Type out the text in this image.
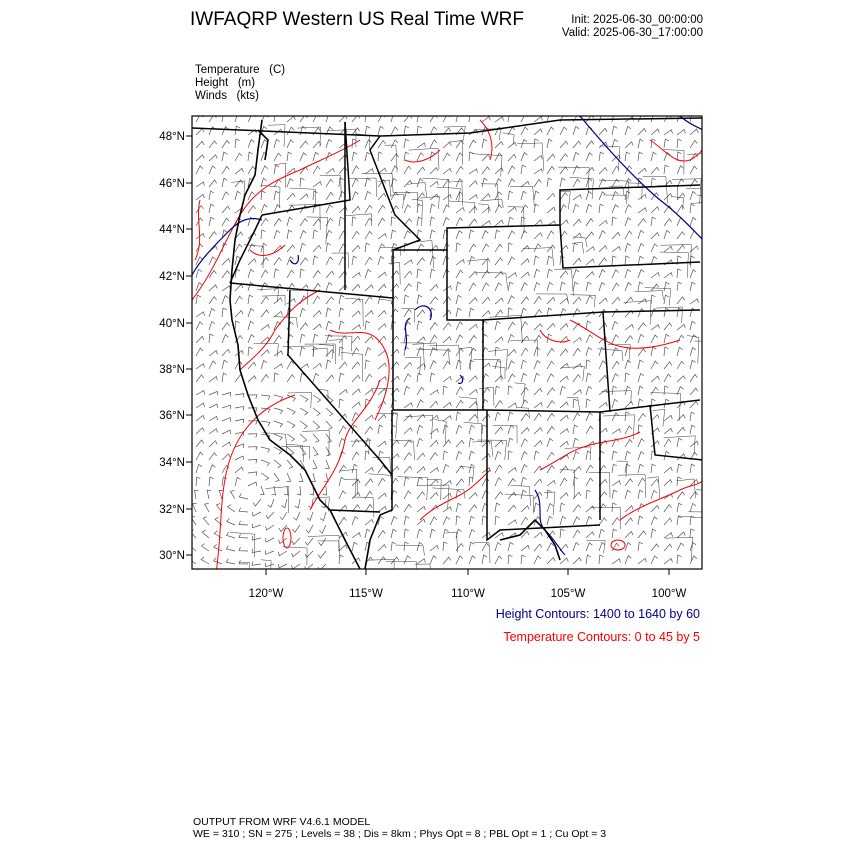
IWFAQRP Western US Real Time WRF	Init: 2025-06-30_00:00:00
Valid: 2025-06-30_17:00:00
Temperature (C)
Height (m)
Winds (kts)
30°N
32°N
34°N
36°N
38°N
40°N
42°N
44°N
46°N
48°N
120°W	115°W	110°W	105°W	100°W
Height Contours: 1400 to 1640 by 60
Temperature Contours: 0 to 45 by 5
OUTPUT FROM WRF V4.6.1 MODEL
WE = 310 ; SN = 275 ; Levels = 38 ; Dis = 8km ; Phys Opt = 8 ; PBL Opt = 1 ; Cu Opt = 3
